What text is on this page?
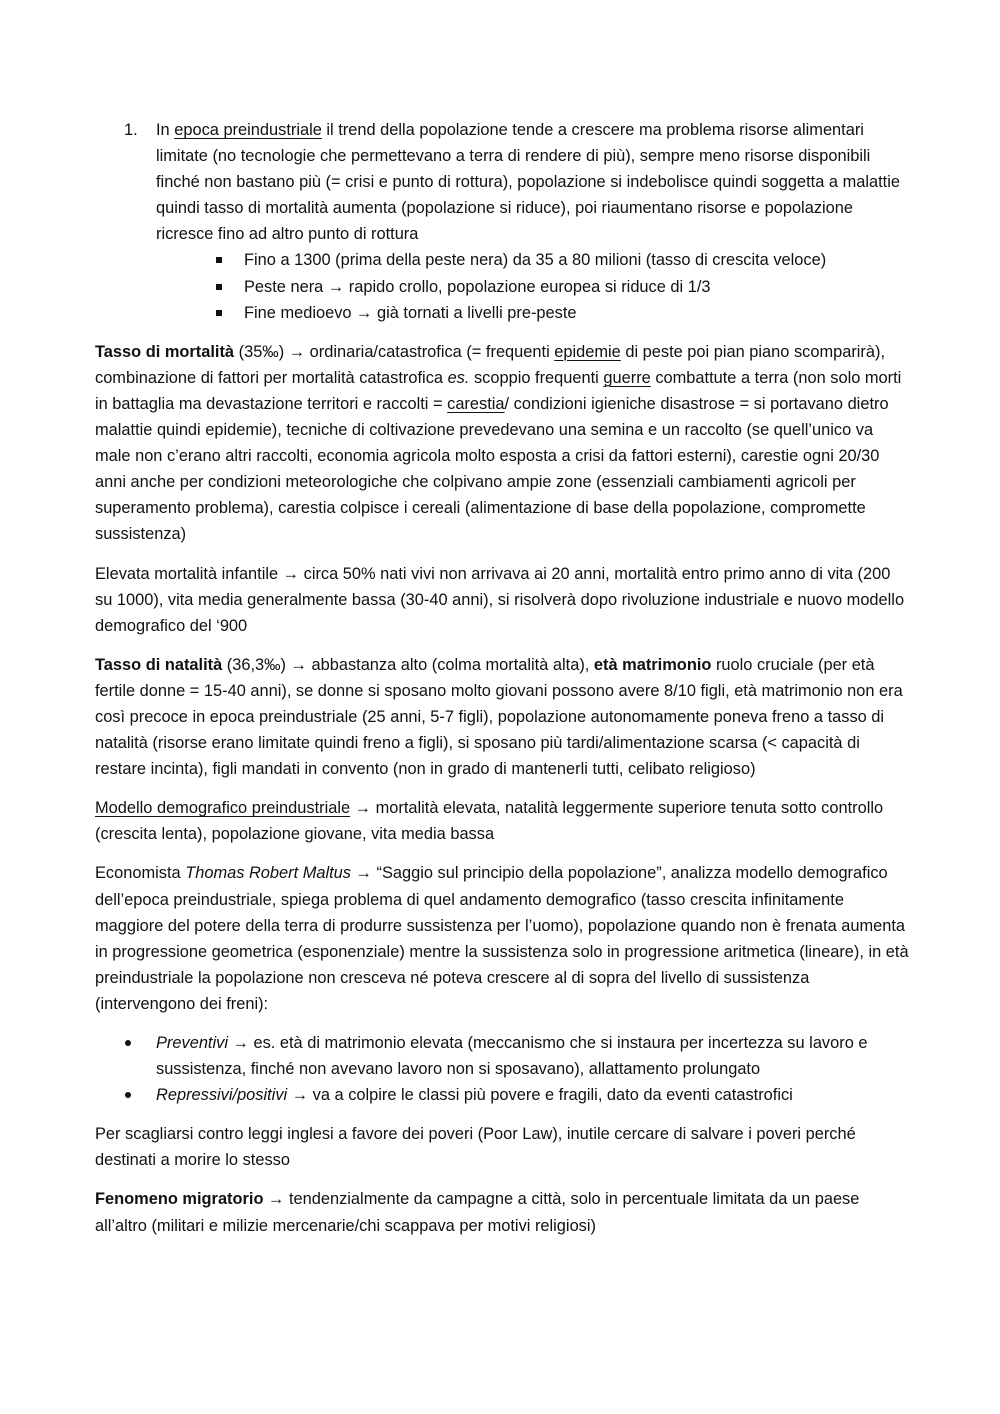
1. In epoca preindustriale il trend della popolazione tende a crescere ma problema risorse alimentari limitate (no tecnologie che permettevano a terra di rendere di più), sempre meno risorse disponibili finché non bastano più (= crisi e punto di rottura), popolazione si indebolisce quindi soggetta a malattie quindi tasso di mortalità aumenta (popolazione si riduce), poi riaumentano risorse e popolazione ricresce fino ad altro punto di rottura

Fino a 1300 (prima della peste nera) da 35 a 80 milioni (tasso di crescita veloce)
Peste nera → rapido crollo, popolazione europea si riduce di 1/3
Fine medioevo → già tornati a livelli pre-peste

Tasso di mortalità (35‰) → ordinaria/catastrofica (= frequenti epidemie di peste poi pian piano scomparirà), combinazione di fattori per mortalità catastrofica es. scoppio frequenti guerre combattute a terra (non solo morti in battaglia ma devastazione territori e raccolti = carestia/ condizioni igieniche disastrose = si portavano dietro malattie quindi epidemie), tecniche di coltivazione prevedevano una semina e un raccolto (se quell’unico va male non c’erano altri raccolti, economia agricola molto esposta a crisi da fattori esterni), carestie ogni 20/30 anni anche per condizioni meteorologiche che colpivano ampie zone (essenziali cambiamenti agricoli per superamento problema), carestia colpisce i cereali (alimentazione di base della popolazione, compromette sussistenza)

Elevata mortalità infantile → circa 50% nati vivi non arrivava ai 20 anni, mortalità entro primo anno di vita (200 su 1000), vita media generalmente bassa (30-40 anni), si risolverà dopo rivoluzione industriale e nuovo modello demografico del ‘900

Tasso di natalità (36,3‰) → abbastanza alto (colma mortalità alta), età matrimonio ruolo cruciale (per età fertile donne = 15-40 anni), se donne si sposano molto giovani possono avere 8/10 figli, età matrimonio non era così precoce in epoca preindustriale (25 anni, 5-7 figli), popolazione autonomamente poneva freno a tasso di natalità (risorse erano limitate quindi freno a figli), si sposano più tardi/alimentazione scarsa (< capacità di restare incinta), figli mandati in convento (non in grado di mantenerli tutti, celibato religioso)

Modello demografico preindustriale → mortalità elevata, natalità leggermente superiore tenuta sotto controllo (crescita lenta), popolazione giovane, vita media bassa

Economista Thomas Robert Maltus → “Saggio sul principio della popolazione”, analizza modello demografico dell’epoca preindustriale, spiega problema di quel andamento demografico (tasso crescita infinitamente maggiore del potere della terra di produrre sussistenza per l’uomo), popolazione quando non è frenata aumenta in progressione geometrica (esponenziale) mentre la sussistenza solo in progressione aritmetica (lineare), in età preindustriale la popolazione non cresceva né poteva crescere al di sopra del livello di sussistenza (intervengono dei freni):

Preventivi → es. età di matrimonio elevata (meccanismo che si instaura per incertezza su lavoro e sussistenza, finché non avevano lavoro non si sposavano), allattamento prolungato
Repressivi/positivi → va a colpire le classi più povere e fragili, dato da eventi catastrofici

Per scagliarsi contro leggi inglesi a favore dei poveri (Poor Law), inutile cercare di salvare i poveri perché destinati a morire lo stesso

Fenomeno migratorio → tendenzialmente da campagne a città, solo in percentuale limitata da un paese all’altro (militari e milizie mercenarie/chi scappava per motivi religiosi)
